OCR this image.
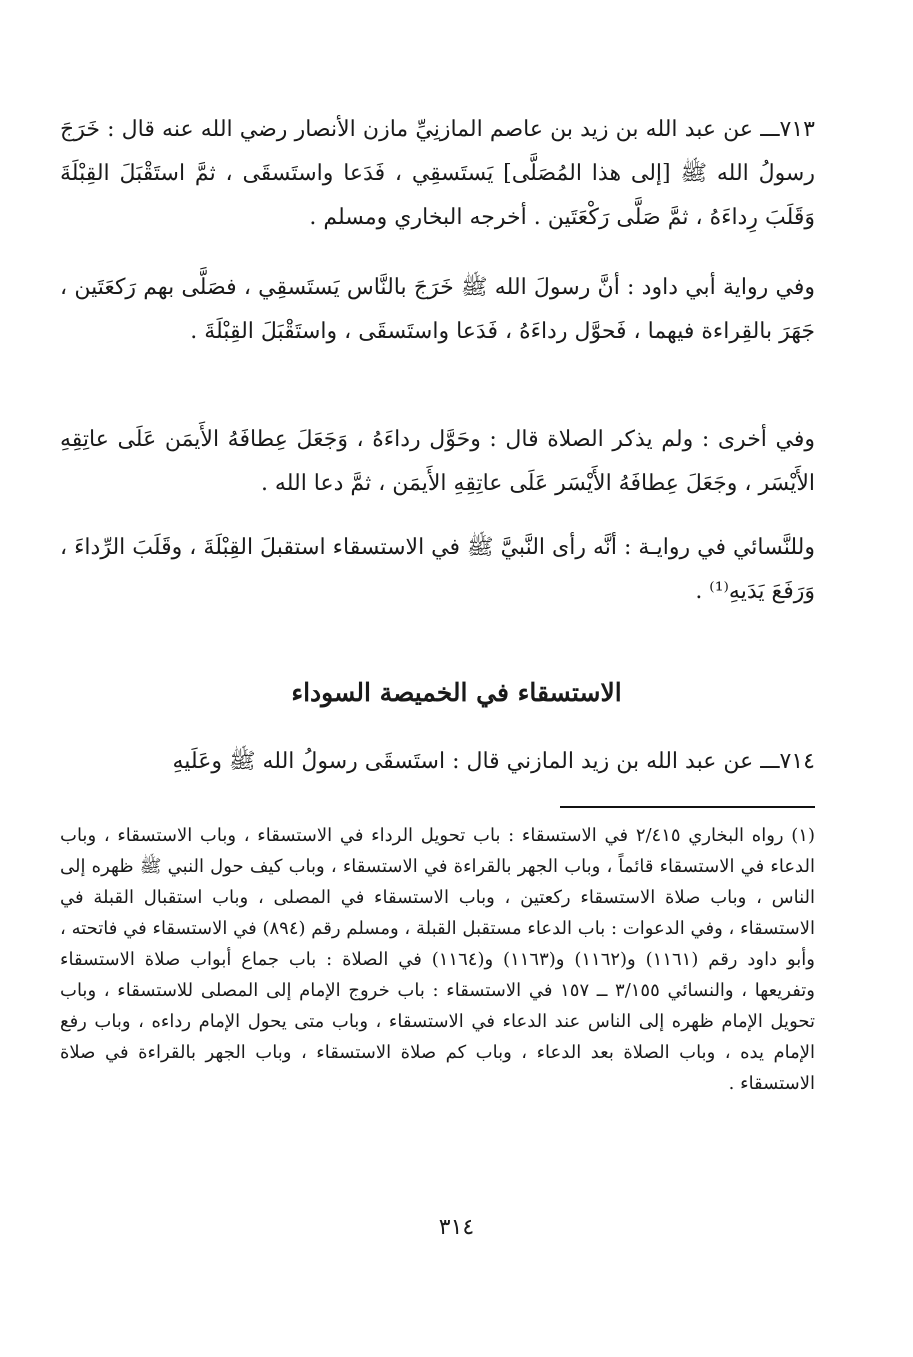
٧١٣ـــ عن عبد الله بن زيد بن عاصم المازنِيِّ مازن الأنصار رضي الله عنه قال : خَرَجَ رسولُ الله ﷺ [إلى هذا المُصَلَّى] يَستَسقِي ، فَدَعا واستَسقَى ، ثمَّ استَقْبَلَ القِبْلَةَ وَقَلَبَ رِداءَهُ ، ثمَّ صَلَّى رَكْعَتَين . أخرجه البخاري ومسلم .

وفي رواية أبي داود : أنَّ رسولَ الله ﷺ خَرَجَ بالنَّاس يَستَسقِي ، فصَلَّى بهم رَكعَتَين ، جَهَرَ بالقِراءة فيهما ، فَحوَّل رداءَهُ ، فَدَعا واستَسقَى ، واستَقْبَلَ القِبْلَةَ .

وفي أخرى : ولم يذكر الصلاة قال : وحَوَّل رداءَهُ ، وَجَعَلَ عِطافَهُ الأَيمَن عَلَى عاتِقِهِ الأَيْسَر ، وجَعَلَ عِطافَهُ الأَيْسَر عَلَى عاتِقِهِ الأَيمَن ، ثمَّ دعا الله .

وللنَّسائي في روايـة : أنَّه رأى النَّبيَّ ﷺ في الاستسقاء استقبلَ القِبْلَةَ ، وقَلَبَ الرِّداءَ ، وَرَفَعَ يَدَيهِ⁽¹⁾ .

الاستسقاء في الخميصة السوداء

٧١٤ـــ عن عبد الله بن زيد المازني قال : استَسقَى رسولُ الله ﷺ وعَلَيهِ

(١) رواه البخاري ٢/٤١٥ في الاستسقاء : باب تحويل الرداء في الاستسقاء ، وباب الاستسقاء ، وباب الدعاء في الاستسقاء قائماً ، وباب الجهر بالقراءة في الاستسقاء ، وباب كيف حول النبي ﷺ ظهره إلى الناس ، وباب صلاة الاستسقاء ركعتين ، وباب الاستسقاء في المصلى ، وباب استقبال القبلة في الاستسقاء ، وفي الدعوات : باب الدعاء مستقبل القبلة ، ومسلم رقم (٨٩٤) في الاستسقاء في فاتحته ، وأبو داود رقم (١١٦١) و(١١٦٢) و(١١٦٣) و(١١٦٤) في الصلاة : باب جماع أبواب صلاة الاستسقاء وتفريعها ، والنسائي ٣/١٥٥ ــ ١٥٧ في الاستسقاء : باب خروج الإمام إلى المصلى للاستسقاء ، وباب تحويل الإمام ظهره إلى الناس عند الدعاء في الاستسقاء ، وباب متى يحول الإمام رداءه ، وباب رفع الإمام يده ، وباب الصلاة بعد الدعاء ، وباب كم صلاة الاستسقاء ، وباب الجهر بالقراءة في صلاة الاستسقاء .

٣١٤
